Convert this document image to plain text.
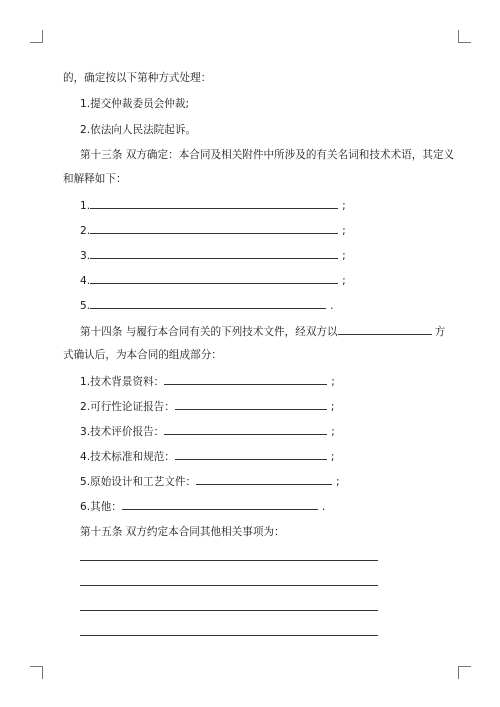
的，确定按以下第种方式处理：
1.提交仲裁委员会仲裁;
2.依法向人民法院起诉。
第十三条 双方确定：本合同及相关附件中所涉及的有关名词和技术术语，其定义
和解释如下：
1.	;
2.	;
3.	;
4.	;
5.	.
第十四条 与履行本合同有关的下列技术文件，经双方以	方
式确认后，为本合同的组成部分：
1.技术背景资料：	;
2.可行性论证报告：	;
3.技术评价报告：	;
4.技术标准和规范：	;
5.原始设计和工艺文件：	;
6.其他：	.
第十五条 双方约定本合同其他相关事项为：
